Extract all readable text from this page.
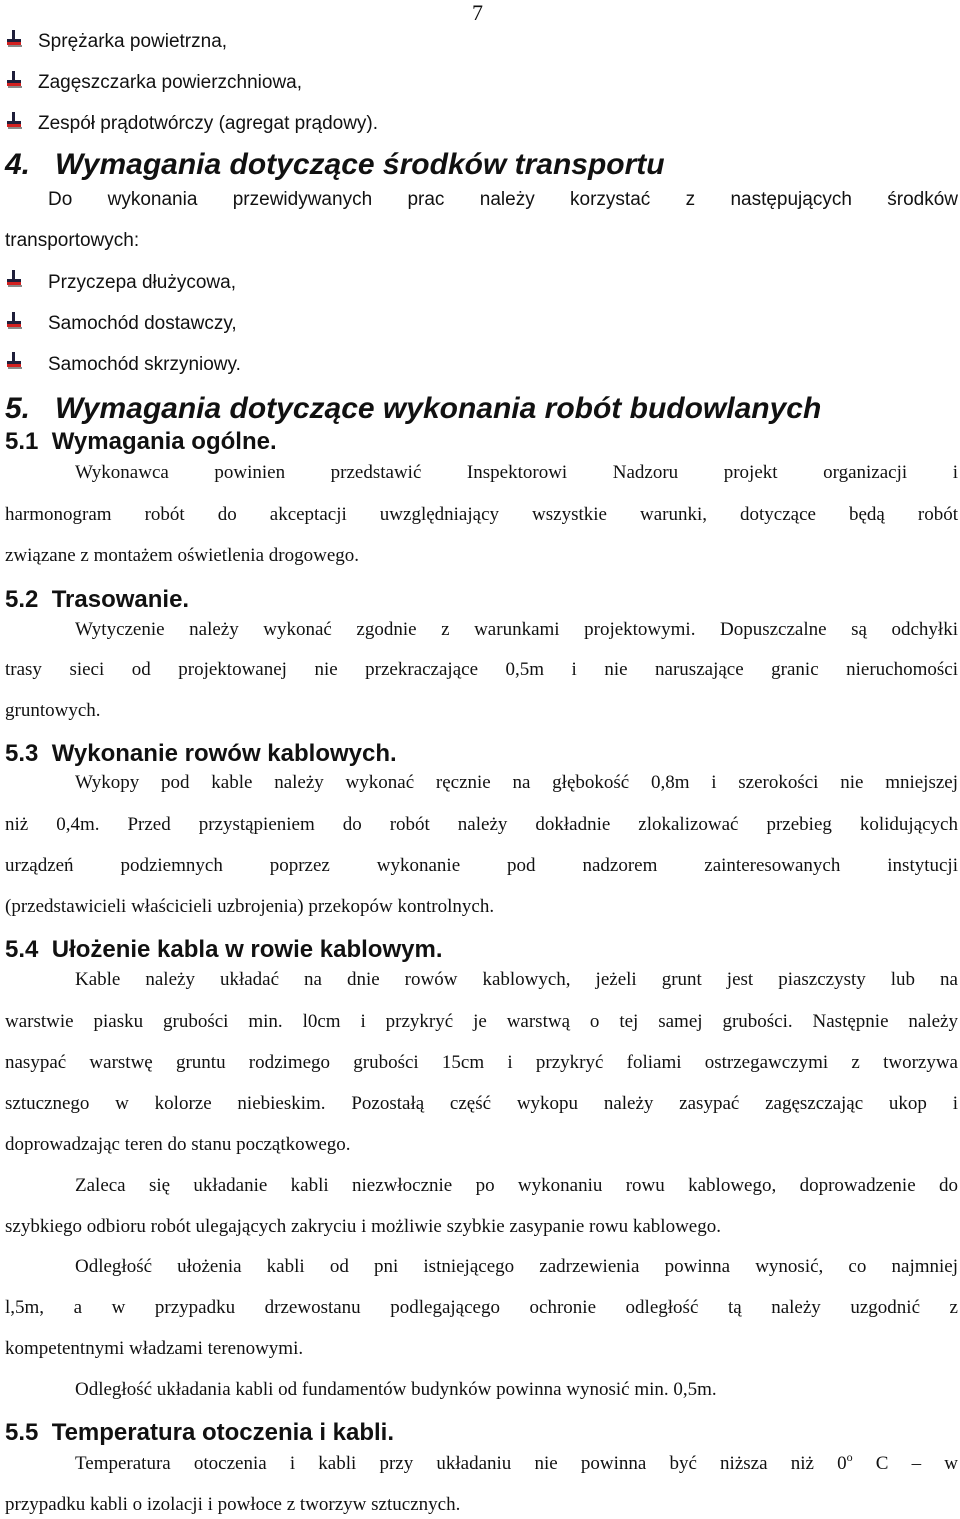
7
Sprężarka powietrzna,
Zagęszczarka powierzchniowa,
Zespół prądotwórczy (agregat prądowy).
4.   Wymagania dotyczące środków transportu
Do wykonania przewidywanych prac należy korzystać z następujących środków
transportowych:
Przyczepa dłużycowa,
Samochód dostawczy,
Samochód skrzyniowy.
5.   Wymagania dotyczące wykonania robót budowlanych
5.1  Wymagania ogólne.
Wykonawca powinien przedstawić Inspektorowi Nadzoru projekt organizacji i
harmonogram robót do akceptacji uwzględniający wszystkie warunki, dotyczące będą robót
związane z montażem oświetlenia drogowego.
5.2  Trasowanie.
Wytyczenie należy wykonać zgodnie z warunkami projektowymi. Dopuszczalne są odchyłki
trasy sieci od projektowanej nie przekraczające 0,5m i nie naruszające granic nieruchomości
gruntowych.
5.3  Wykonanie rowów kablowych.
Wykopy pod kable należy wykonać ręcznie na głębokość 0,8m i szerokości nie mniejszej
niż 0,4m. Przed przystąpieniem do robót należy dokładnie zlokalizować przebieg kolidujących
urządzeń podziemnych poprzez wykonanie pod nadzorem zainteresowanych instytucji
(przedstawicieli właścicieli uzbrojenia) przekopów kontrolnych.
5.4  Ułożenie kabla w rowie kablowym.
Kable należy układać na dnie rowów kablowych, jeżeli grunt jest piaszczysty lub na
warstwie piasku grubości min. l0cm i przykryć je warstwą o tej samej grubości. Następnie należy
nasypać warstwę gruntu rodzimego grubości 15cm i przykryć foliami ostrzegawczymi z tworzywa
sztucznego w kolorze niebieskim. Pozostałą część wykopu należy zasypać zagęszczając ukop i
doprowadzając teren do stanu początkowego.
Zaleca się układanie kabli niezwłocznie po wykonaniu rowu kablowego, doprowadzenie do
szybkiego odbioru robót ulegających zakryciu i możliwie szybkie zasypanie rowu kablowego.
Odległość ułożenia kabli od pni istniejącego zadrzewienia powinna wynosić, co najmniej
l,5m, a w przypadku drzewostanu podlegającego ochronie odległość tą należy uzgodnić z
kompetentnymi władzami terenowymi.
Odległość układania kabli od fundamentów budynków powinna wynosić min. 0,5m.
5.5  Temperatura otoczenia i kabli.
Temperatura otoczenia i kabli przy układaniu nie powinna być niższa niż 0$^o$ C – w
przypadku kabli o izolacji i powłoce z tworzyw sztucznych.
